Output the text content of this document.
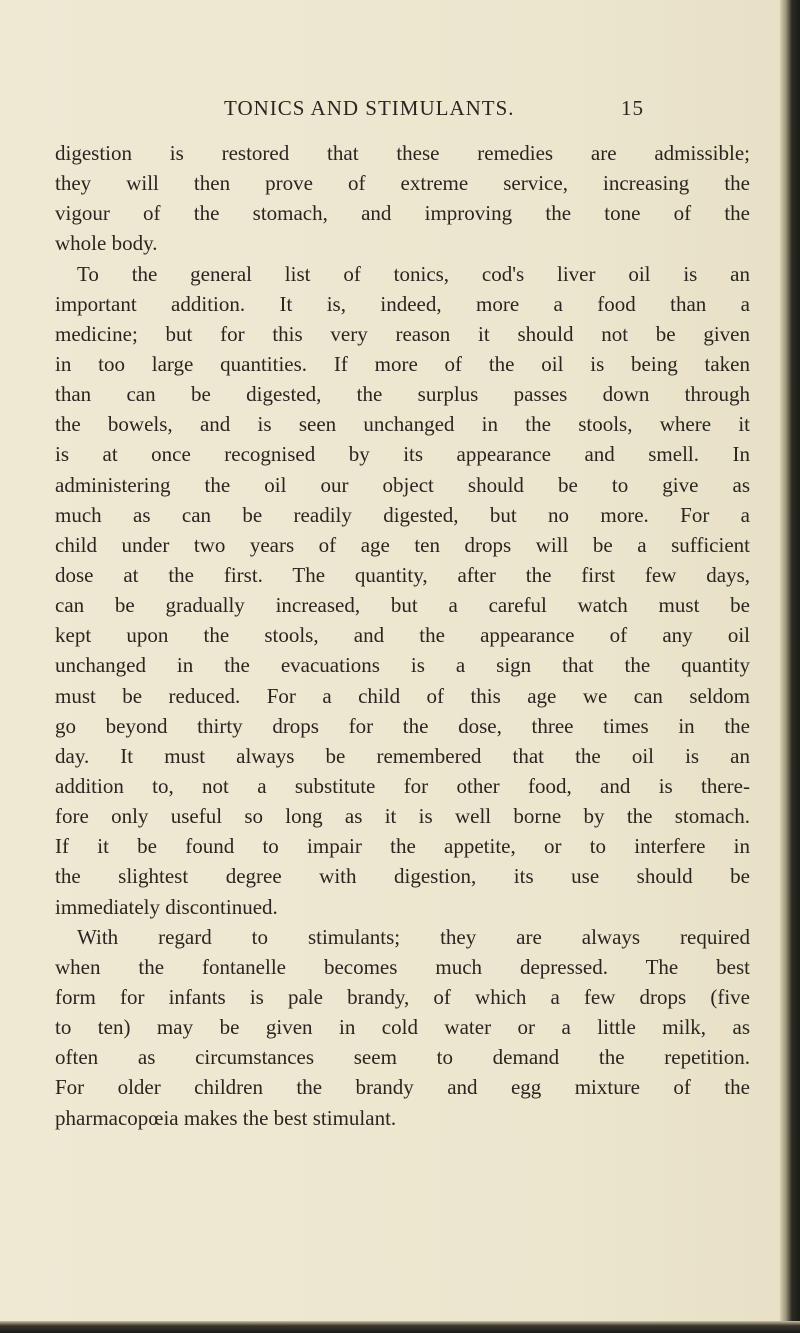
TONICS AND STIMULANTS.	15
digestion is restored that these remedies are admissible;
they will then prove of extreme service, increasing the
vigour of the stomach, and improving the tone of the
whole body.
To the general list of tonics, cod's liver oil is an
important addition. It is, indeed, more a food than a
medicine; but for this very reason it should not be given
in too large quantities. If more of the oil is being taken
than can be digested, the surplus passes down through
the bowels, and is seen unchanged in the stools, where it
is at once recognised by its appearance and smell. In
administering the oil our object should be to give as
much as can be readily digested, but no more. For a
child under two years of age ten drops will be a sufficient
dose at the first. The quantity, after the first few days,
can be gradually increased, but a careful watch must be
kept upon the stools, and the appearance of any oil
unchanged in the evacuations is a sign that the quantity
must be reduced. For a child of this age we can seldom
go beyond thirty drops for the dose, three times in the
day. It must always be remembered that the oil is an
addition to, not a substitute for other food, and is there-
fore only useful so long as it is well borne by the stomach.
If it be found to impair the appetite, or to interfere in
the slightest degree with digestion, its use should be
immediately discontinued.
With regard to stimulants; they are always required
when the fontanelle becomes much depressed. The best
form for infants is pale brandy, of which a few drops (five
to ten) may be given in cold water or a little milk, as
often as circumstances seem to demand the repetition.
For older children the brandy and egg mixture of the
pharmacopœia makes the best stimulant.
